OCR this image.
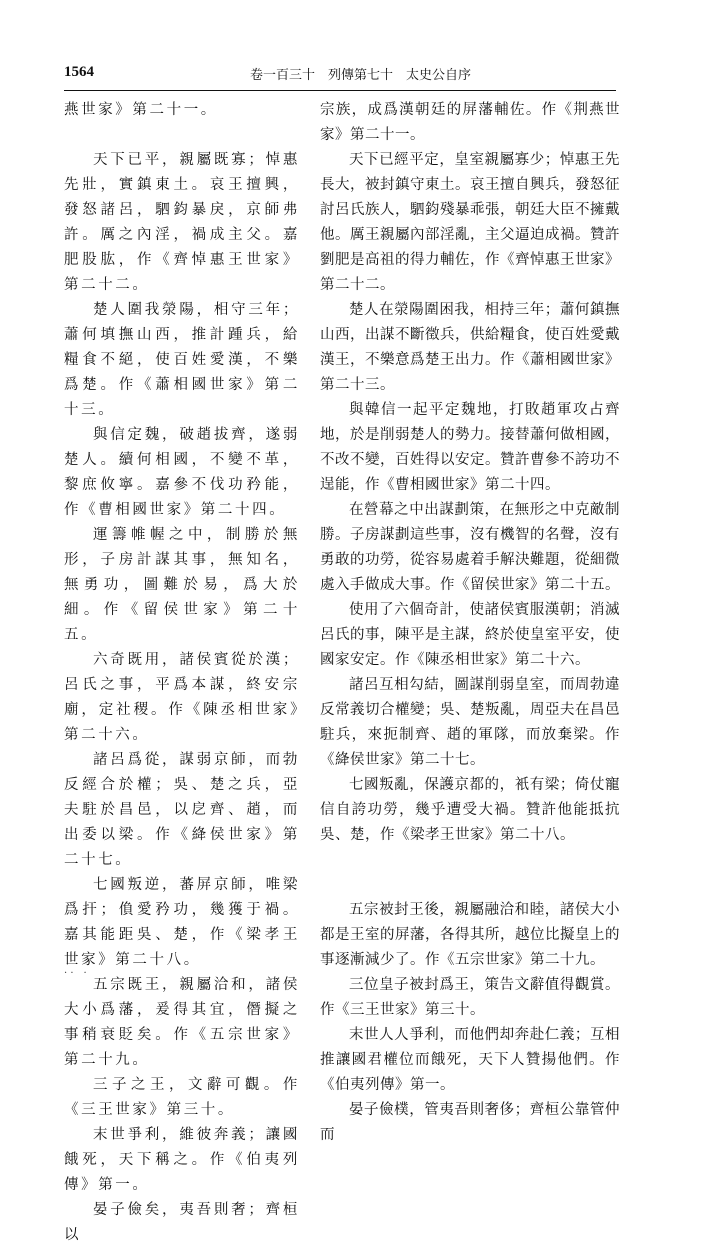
1564	卷一百三十　列傳第七十　太史公自序

燕世家》第二十一。

天下已平，親屬既寡；悼惠先壯，實鎮東土。哀王擅興，發怒諸呂，駟鈞暴戾，京師弗許。厲之內淫，禍成主父。嘉肥股肱，作《齊悼惠王世家》第二十二。

楚人圍我滎陽，相守三年；蕭何填撫山西，推計踵兵，給糧食不絕，使百姓愛漢，不樂爲楚。作《蕭相國世家》第二十三。

與信定魏，破趙拔齊，遂弱楚人。續何相國，不變不革，黎庶攸寧。嘉參不伐功矜能，作《曹相國世家》第二十四。

運籌帷幄之中，制勝於無形，子房計謀其事，無知名，無勇功，圖難於易，爲大於細。作《留侯世家》第二十五。

六奇既用，諸侯賓從於漢；呂氏之事，平爲本謀，終安宗廟，定社稷。作《陳丞相世家》第二十六。

諸呂爲從，謀弱京師，而勃反經合於權；吳、楚之兵，亞夫駐於昌邑，以戹齊、趙，而出委以梁。作《絳侯世家》第二十七。

七國叛逆，蕃屏京師，唯梁爲扞；偩愛矜功，幾獲于禍。嘉其能距吳、楚，作《梁孝王世家》第二十八。

五宗既王，親屬洽和，諸侯大小爲藩，爰得其宜，僭擬之事稍衰貶矣。作《五宗世家》第二十九。

三子之王，文辭可觀。作《三王世家》第三十。

末世爭利，維彼奔義；讓國餓死，天下稱之。作《伯夷列傳》第一。

晏子儉矣，夷吾則奢；齊桓以

宗族，成爲漢朝廷的屏藩輔佐。作《荆燕世家》第二十一。

天下已經平定，皇室親屬寡少；悼惠王先長大，被封鎮守東土。哀王擅自興兵，發怒征討呂氏族人，駟鈞殘暴乖張，朝廷大臣不擁戴他。厲王親屬內部淫亂，主父逼迫成禍。贊許劉肥是高祖的得力輔佐，作《齊悼惠王世家》第二十二。

楚人在滎陽圍困我，相持三年；蕭何鎮撫山西，出謀不斷徵兵，供給糧食，使百姓愛戴漢王，不樂意爲楚王出力。作《蕭相國世家》第二十三。

與韓信一起平定魏地，打敗趙軍攻占齊地，於是削弱楚人的勢力。接替蕭何做相國，不改不變，百姓得以安定。贊許曹參不誇功不逞能，作《曹相國世家》第二十四。

在營幕之中出謀劃策，在無形之中克敵制勝。子房謀劃這些事，沒有機智的名聲，沒有勇敢的功勞，從容易處着手解決難題，從細微處入手做成大事。作《留侯世家》第二十五。

使用了六個奇計，使諸侯賓服漢朝；消滅呂氏的事，陳平是主謀，終於使皇室平安，使國家安定。作《陳丞相世家》第二十六。

諸呂互相勾結，圖謀削弱皇室，而周勃違反常義切合權變；吳、楚叛亂，周亞夫在昌邑駐兵，來扼制齊、趙的軍隊，而放棄梁。作《絳侯世家》第二十七。

七國叛亂，保護京都的，衹有梁；倚仗寵信自誇功勞，幾乎遭受大禍。贊許他能抵抗吳、楚，作《梁孝王世家》第二十八。

五宗被封王後，親屬融洽和睦，諸侯大小都是王室的屏藩，各得其所，越位比擬皇上的事逐漸減少了。作《五宗世家》第二十九。

三位皇子被封爲王，策告文辭值得觀賞。作《三王世家》第三十。

末世人人爭利，而他們却奔赴仁義；互相推讓國君權位而餓死，天下人贊揚他們。作《伯夷列傳》第一。

晏子儉樸，管夷吾則奢侈；齊桓公靠管仲而

· ·　·
